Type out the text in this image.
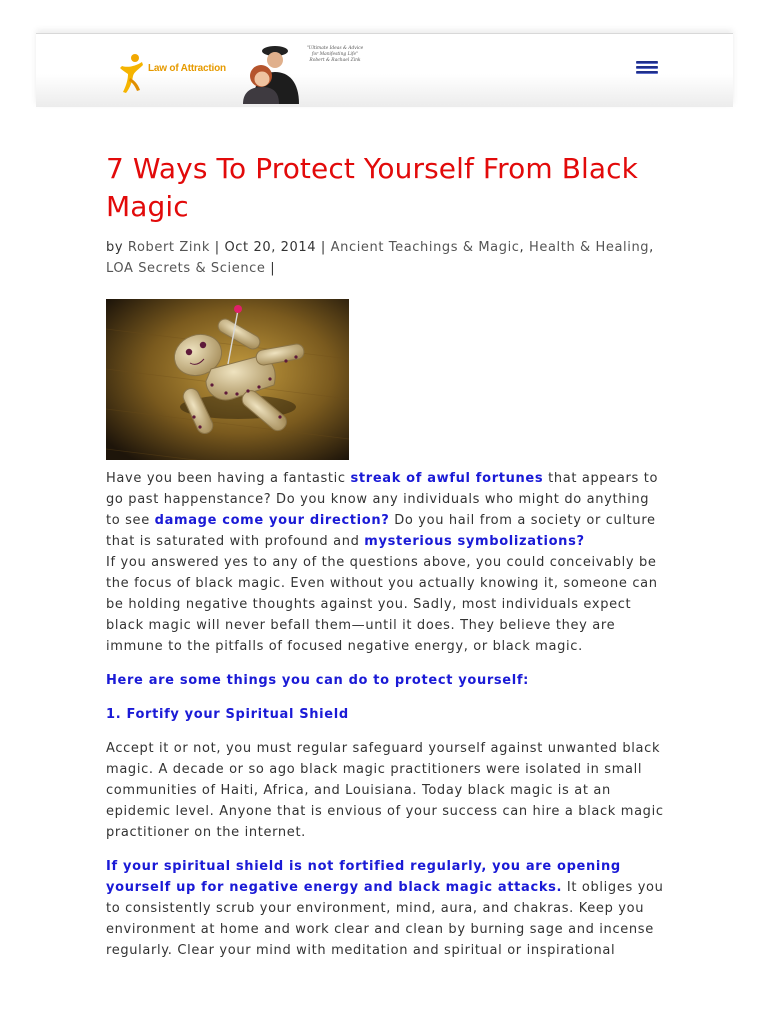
Law of Attraction
"Ultimate Ideas & Advice
for Manifesting Life"
Robert & Rachael Zink
7 Ways To Protect Yourself From Black Magic
by Robert Zink | Oct 20, 2014 | Ancient Teachings & Magic, Health & Healing, LOA Secrets & Science |

Have you been having a fantastic streak of awful fortunes that appears to go past happenstance? Do you know any individuals who might do anything to see damage come your direction? Do you hail from a society or culture that is saturated with profound and mysterious symbolizations?

If you answered yes to any of the questions above, you could conceivably be the focus of black magic. Even without you actually knowing it, someone can be holding negative thoughts against you. Sadly, most individuals expect black magic will never befall them—until it does. They believe they are immune to the pitfalls of focused negative energy, or black magic.

Here are some things you can do to protect yourself:

1. Fortify your Spiritual Shield

Accept it or not, you must regular safeguard yourself against unwanted black magic. A decade or so ago black magic practitioners were isolated in small communities of Haiti, Africa, and Louisiana. Today black magic is at an epidemic level. Anyone that is envious of your success can hire a black magic practitioner on the internet.

If your spiritual shield is not fortified regularly, you are opening yourself up for negative energy and black magic attacks. It obliges you to consistently scrub your environment, mind, aura, and chakras. Keep you environment at home and work clear and clean by burning sage and incense regularly. Clear your mind with meditation and spiritual or inspirational
